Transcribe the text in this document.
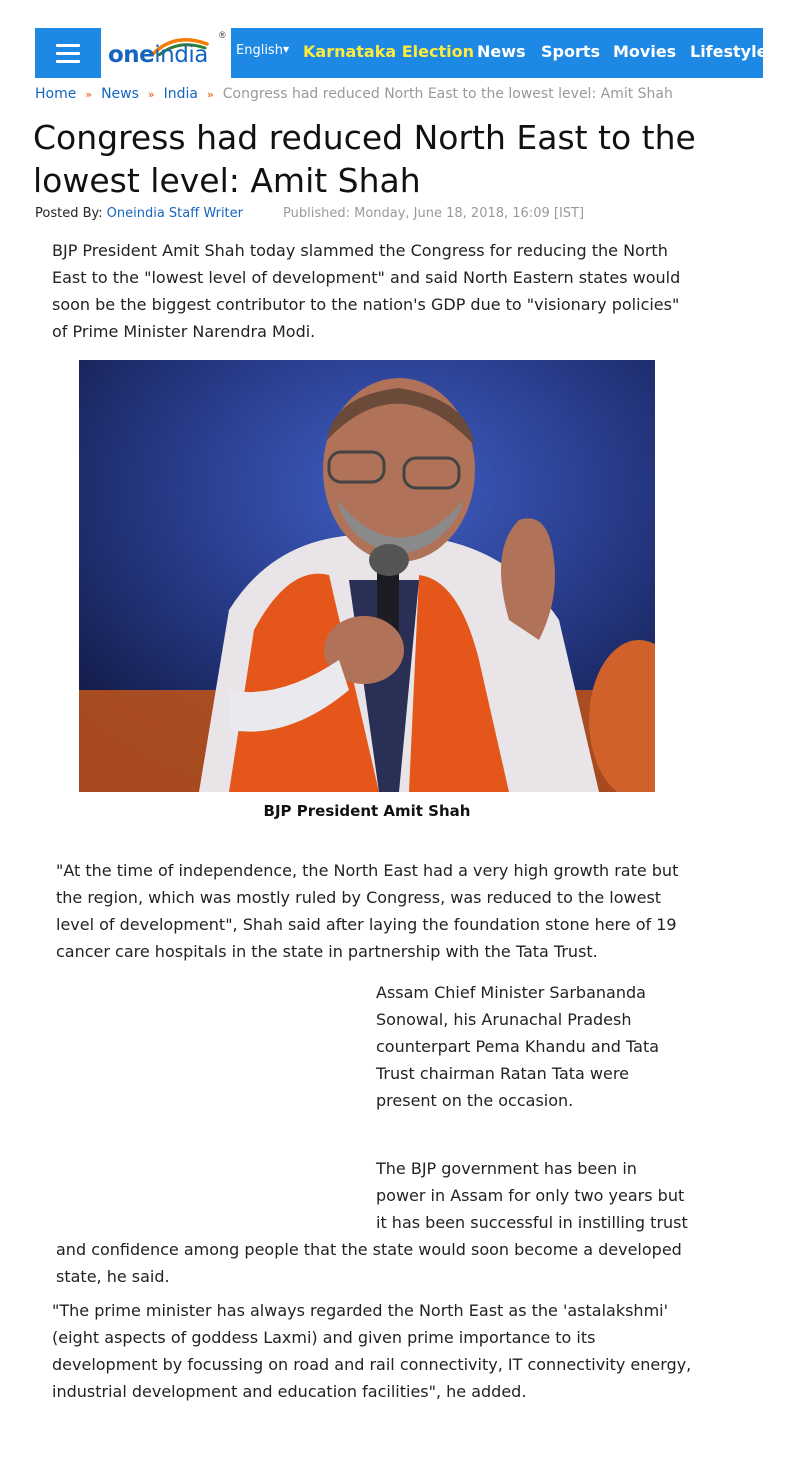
oneindia
®
English▼ Karnataka Election News Sports Movies Lifestyle
Home » News » India » Congress had reduced North East to the lowest level: Amit Shah
Congress had reduced North East to the lowest level: Amit Shah
Posted By: Oneindia Staff Writer	Published: Monday, June 18, 2018, 16:09 [IST]

BJP President Amit Shah today slammed the Congress for reducing the North East to the "lowest level of development" and said North Eastern states would soon be the biggest contributor to the nation's GDP due to "visionary policies" of Prime Minister Narendra Modi.

BJP President Amit Shah

"At the time of independence, the North East had a very high growth rate but the region, which was mostly ruled by Congress, was reduced to the lowest level of development", Shah said after laying the foundation stone here of 19 cancer care hospitals in the state in partnership with the Tata Trust.

Assam Chief Minister Sarbananda Sonowal, his Arunachal Pradesh counterpart Pema Khandu and Tata Trust chairman Ratan Tata were present on the occasion.

The BJP government has been in power in Assam for only two years but it has been successful in instilling trust

and confidence among people that the state would soon become a developed state, he said.

"The prime minister has always regarded the North East as the 'astalakshmi' (eight aspects of goddess Laxmi) and given prime importance to its development by focussing on road and rail connectivity, IT connectivity energy, industrial development and education facilities", he added.
